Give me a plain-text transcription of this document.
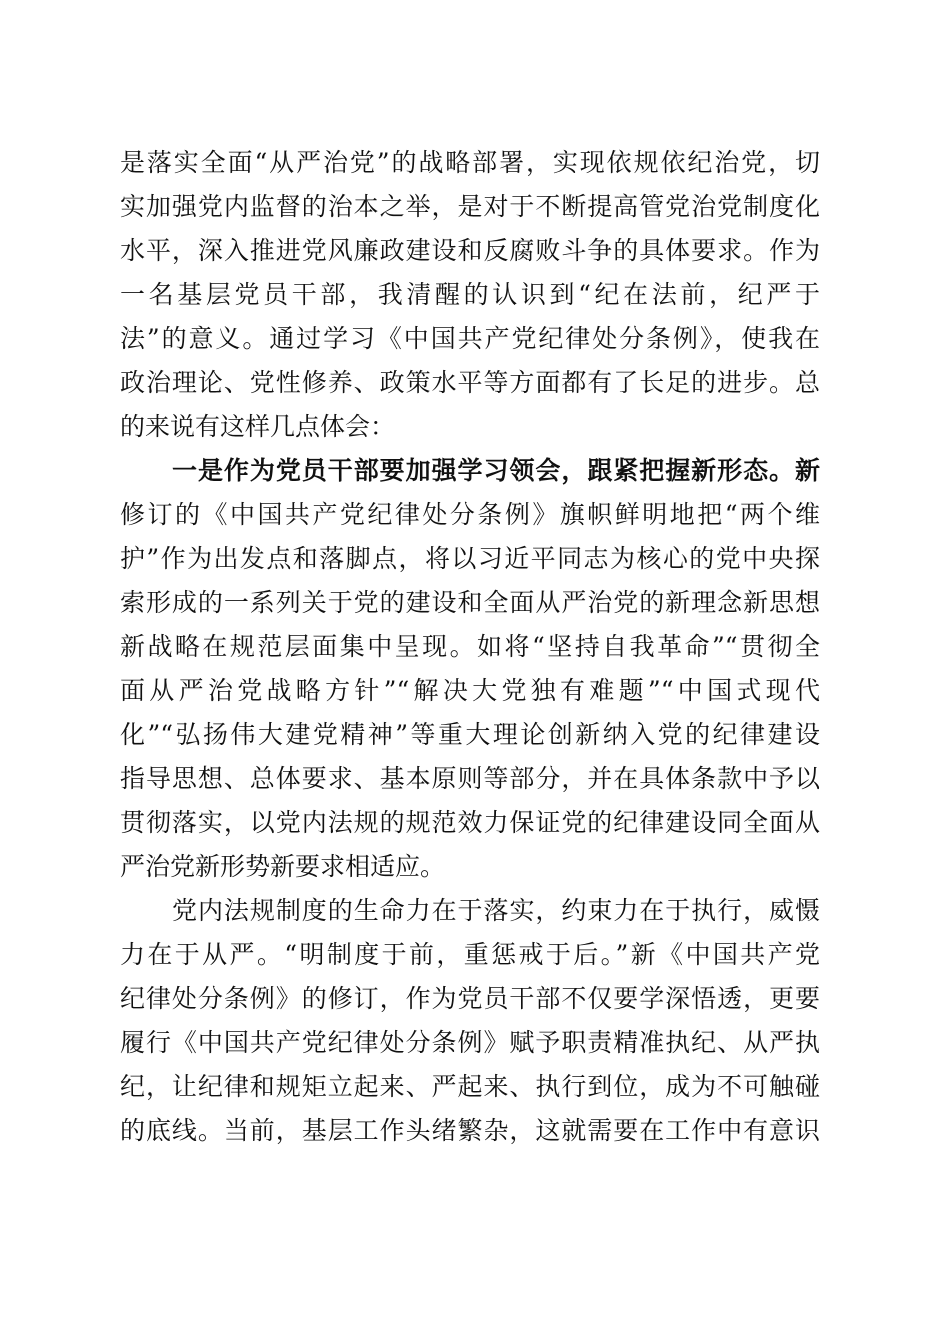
是落实全面“从严治党”的战略部署，实现依规依纪治党，切
实加强党内监督的治本之举，是对于不断提高管党治党制度化
水平，深入推进党风廉政建设和反腐败斗争的具体要求。作为
一名基层党员干部，我清醒的认识到“纪在法前，纪严于
法”的意义。通过学习《中国共产党纪律处分条例》，使我在
政治理论、党性修养、政策水平等方面都有了长足的进步。总
的来说有这样几点体会：
一是作为党员干部要加强学习领会，跟紧把握新形态。新
修订的《中国共产党纪律处分条例》旗帜鲜明地把“两个维
护”作为出发点和落脚点，将以习近平同志为核心的党中央探
索形成的一系列关于党的建设和全面从严治党的新理念新思想
新战略在规范层面集中呈现。如将“坚持自我革命”“贯彻全
面从严治党战略方针”“解决大党独有难题”“中国式现代
化”“弘扬伟大建党精神”等重大理论创新纳入党的纪律建设
指导思想、总体要求、基本原则等部分，并在具体条款中予以
贯彻落实，以党内法规的规范效力保证党的纪律建设同全面从
严治党新形势新要求相适应。
党内法规制度的生命力在于落实，约束力在于执行，威慑
力在于从严。“明制度于前，重惩戒于后。”新《中国共产党
纪律处分条例》的修订，作为党员干部不仅要学深悟透，更要
履行《中国共产党纪律处分条例》赋予职责精准执纪、从严执
纪，让纪律和规矩立起来、严起来、执行到位，成为不可触碰
的底线。当前，基层工作头绪繁杂，这就需要在工作中有意识
